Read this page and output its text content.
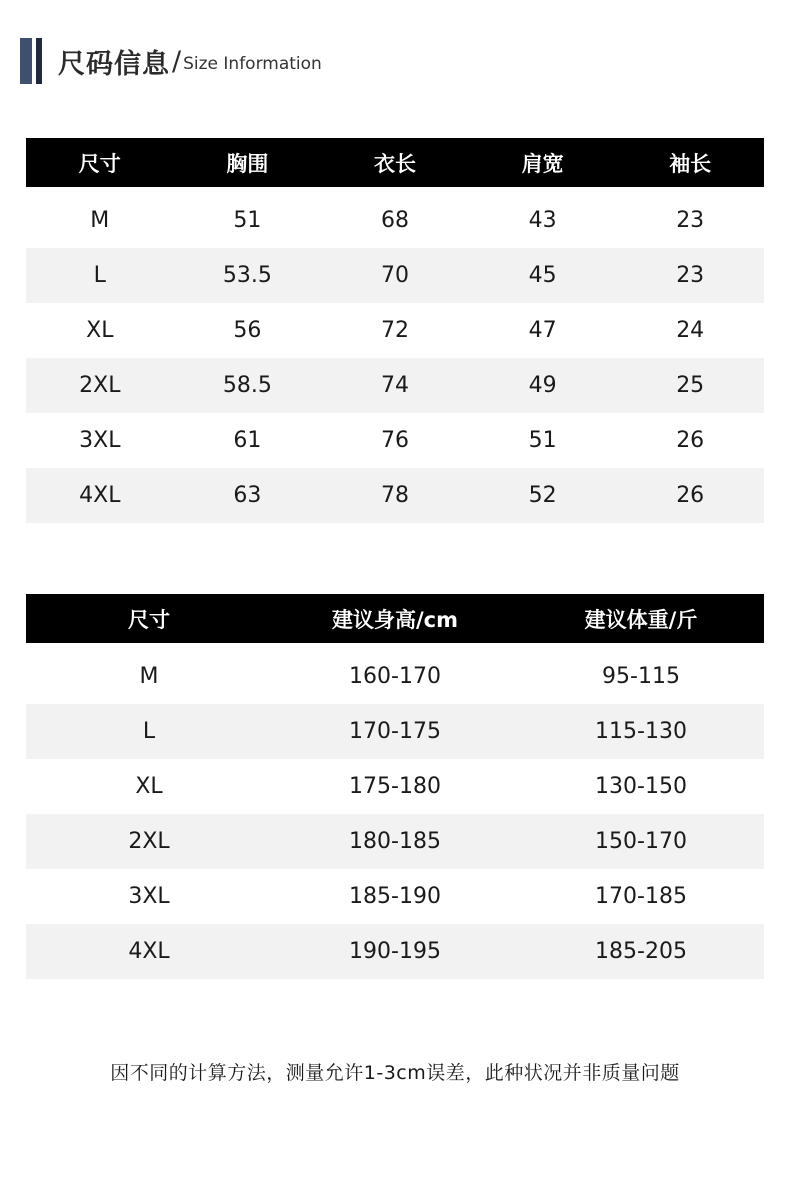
尺码信息 / Size Information
尺寸	胸围	衣长	肩宽	袖长

M	51	68	43	23
L	53.5	70	45	23
XL	56	72	47	24
2XL	58.5	74	49	25
3XL	61	76	51	26
4XL	63	78	52	26
尺寸	建议身高/cm	建议体重/斤

M	160-170	95-115
L	170-175	115-130
XL	175-180	130-150
2XL	180-185	150-170
3XL	185-190	170-185
4XL	190-195	185-205
因不同的计算方法，测量允许1-3cm误差，此种状况并非质量问题
